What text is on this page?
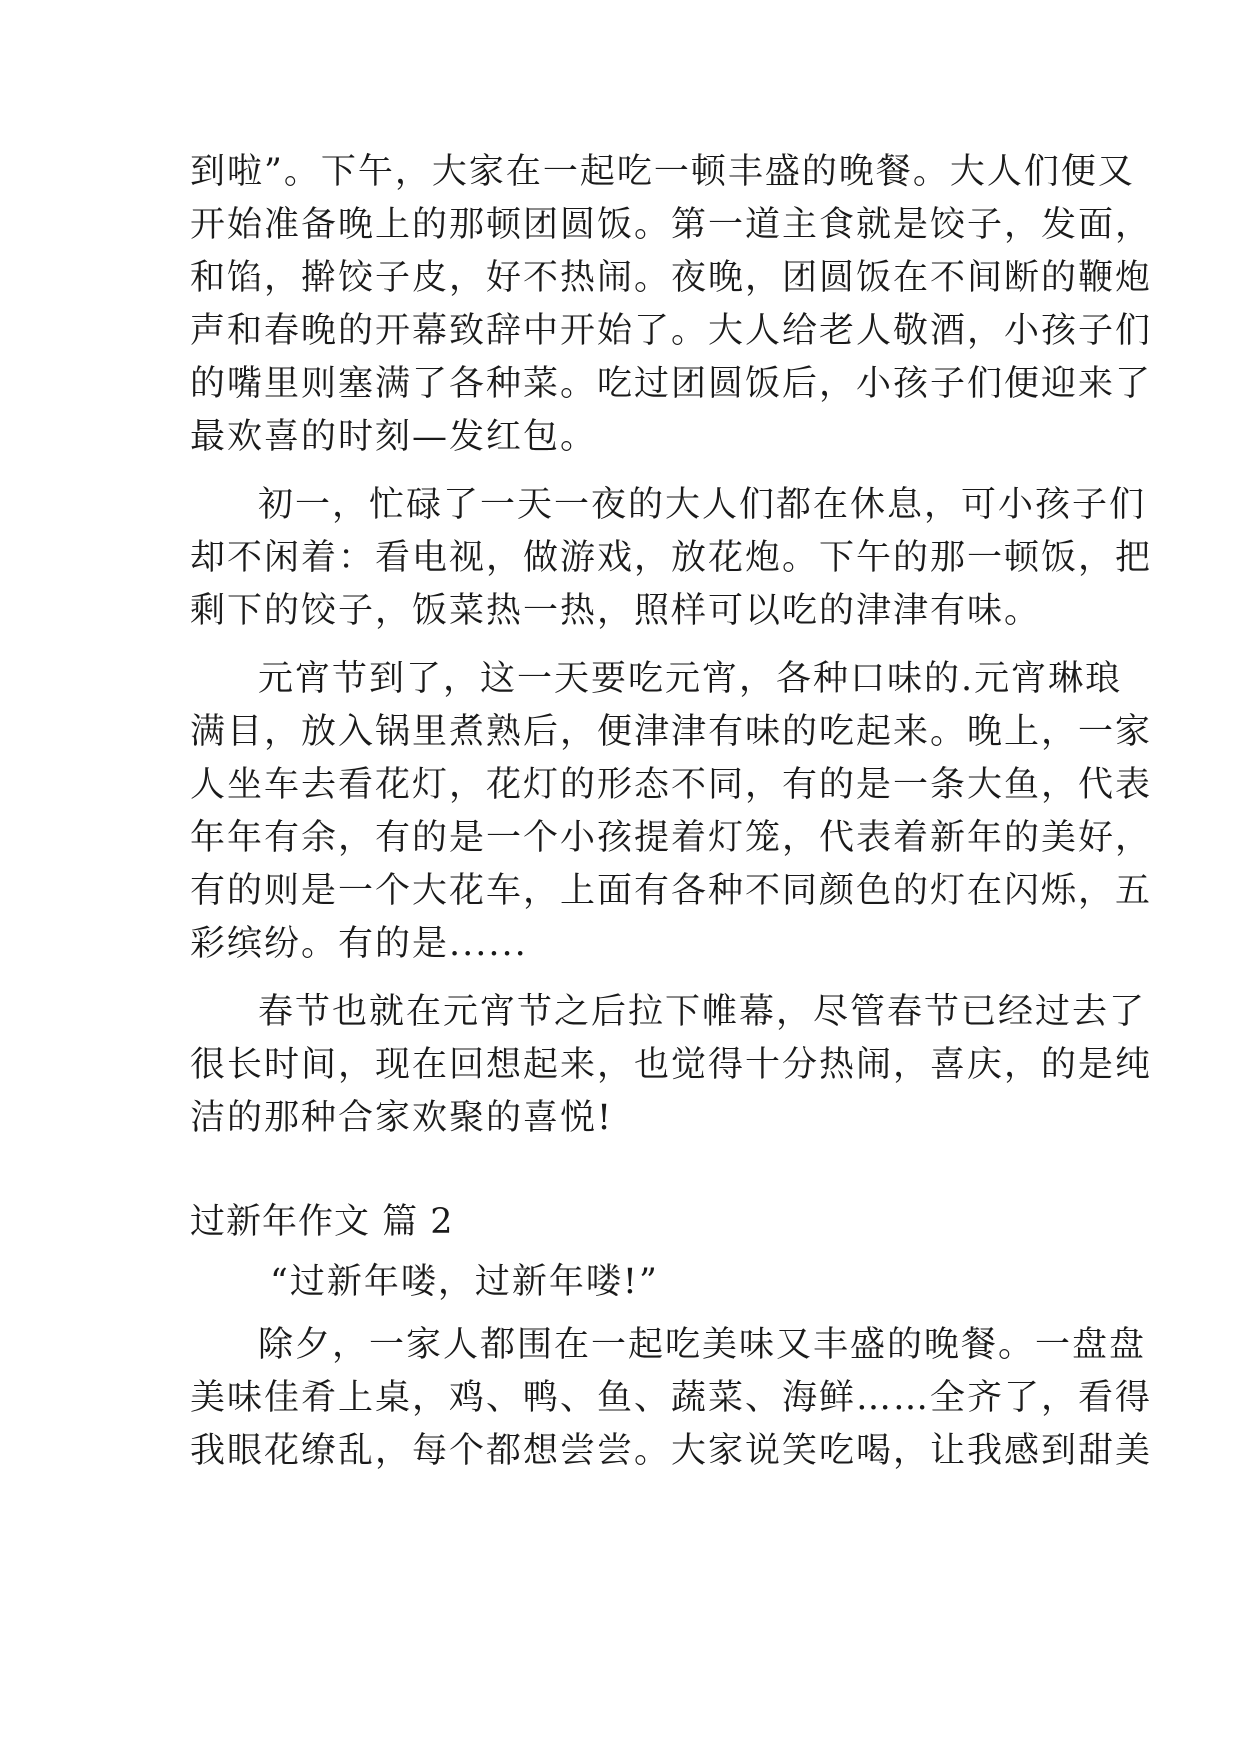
到啦”。下午，大家在一起吃一顿丰盛的晚餐。大人们便又
开始准备晚上的那顿团圆饭。第一道主食就是饺子，发面，
和馅，擀饺子皮，好不热闹。夜晚，团圆饭在不间断的鞭炮
声和春晚的开幕致辞中开始了。大人给老人敬酒，小孩子们
的嘴里则塞满了各种菜。吃过团圆饭后，小孩子们便迎来了
最欢喜的时刻—发红包。
初一，忙碌了一天一夜的大人们都在休息，可小孩子们
却不闲着：看电视，做游戏，放花炮。下午的那一顿饭，把
剩下的饺子，饭菜热一热，照样可以吃的津津有味。
元宵节到了，这一天要吃元宵，各种口味的.元宵琳琅
满目，放入锅里煮熟后，便津津有味的吃起来。晚上，一家
人坐车去看花灯，花灯的形态不同，有的是一条大鱼，代表
年年有余，有的是一个小孩提着灯笼，代表着新年的美好，
有的则是一个大花车，上面有各种不同颜色的灯在闪烁，五
彩缤纷。有的是......
春节也就在元宵节之后拉下帷幕，尽管春节已经过去了
很长时间，现在回想起来，也觉得十分热闹，喜庆，的是纯
洁的那种合家欢聚的喜悦!
过新年作文 篇 2
“过新年喽，过新年喽!”
除夕，一家人都围在一起吃美味又丰盛的晚餐。一盘盘
美味佳肴上桌，鸡、鸭、鱼、蔬菜、海鲜……全齐了，看得
我眼花缭乱，每个都想尝尝。大家说笑吃喝，让我感到甜美
